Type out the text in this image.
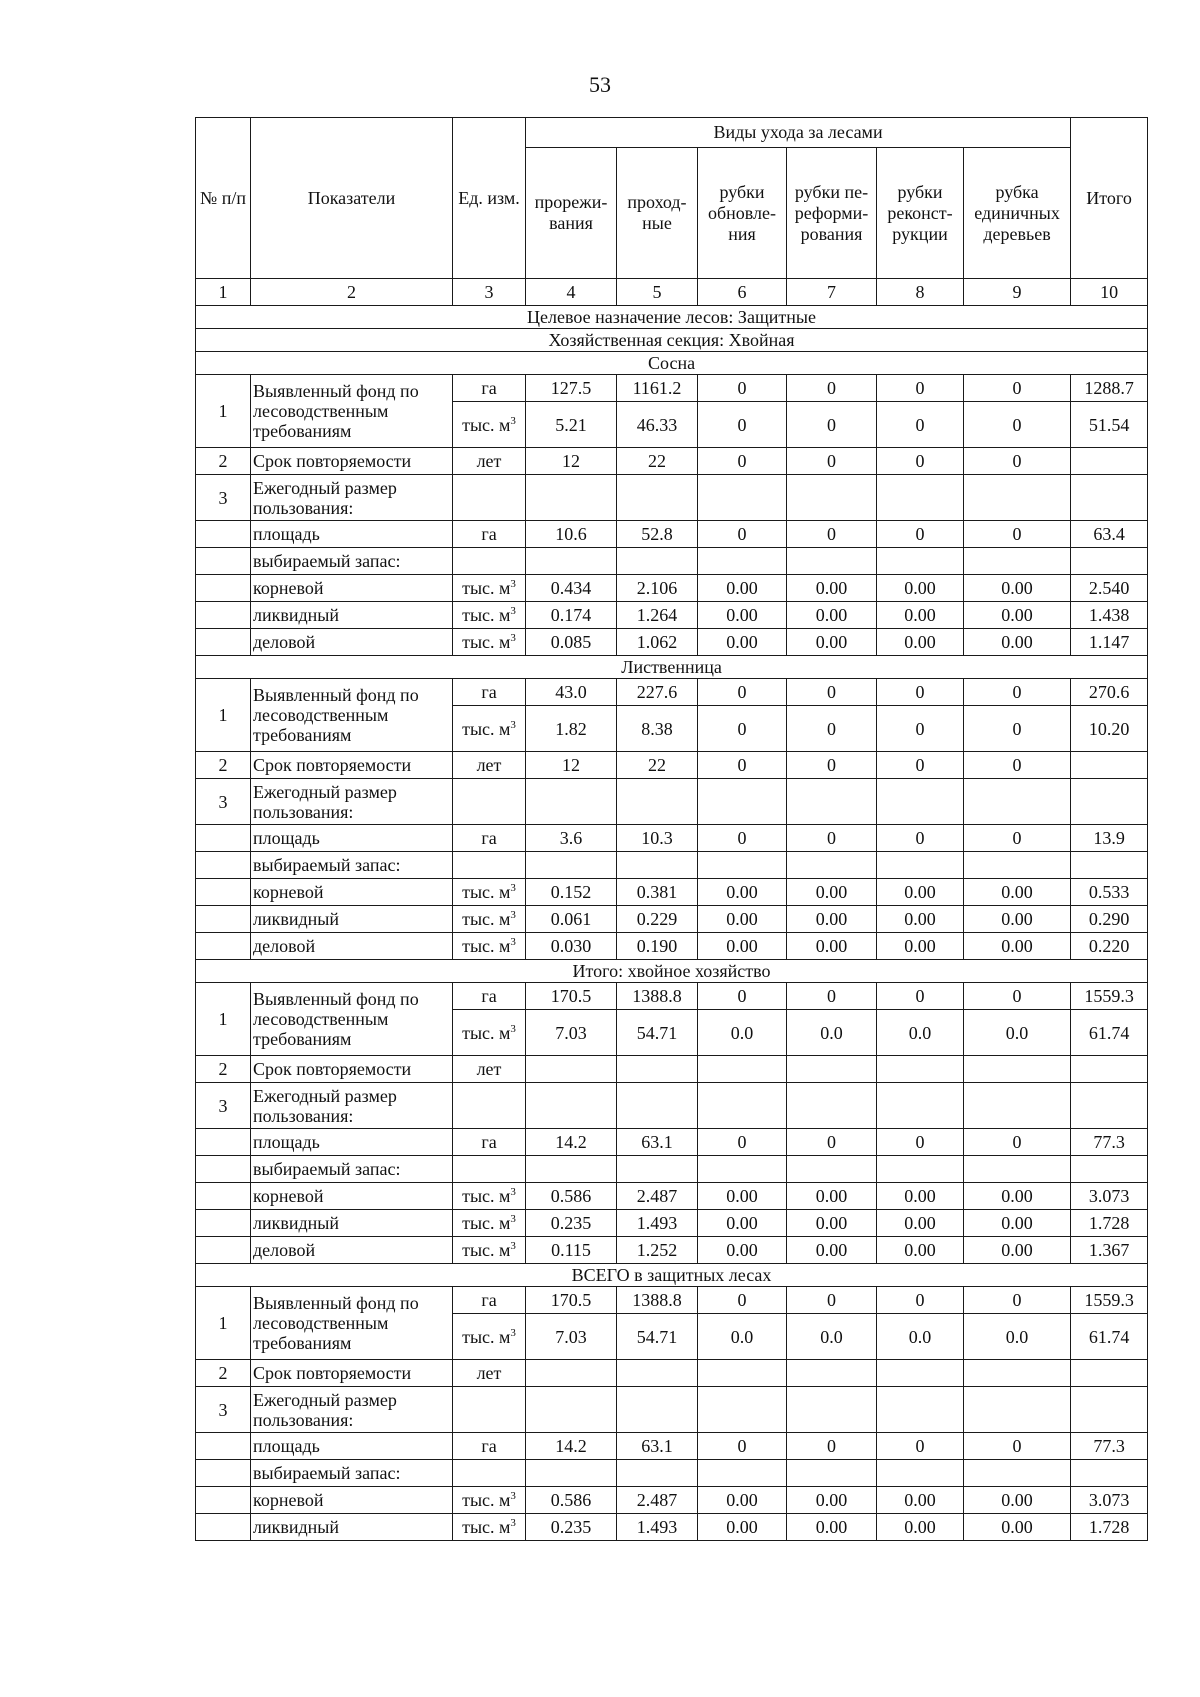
53
№ п/п	Показатели	Ед. изм.	Виды ухода за лесами						Итого
			прорежи-вания	проход-ные	рубки обновле-ния	рубки пе-реформи-рования	рубки реконст-рукции	рубка единичных деревьев	
1	2	3	4	5	6	7	8	9	10
Целевое назначение лесов: Защитные									
Хозяйственная секция: Хвойная									
Сосна									
1	Выявленный фонд по лесоводственным требованиям	га	127.5	1161.2	0	0	0	0	1288.7
		тыс. $м^3$	5.21	46.33	0	0	0	0	51.54
2	Срок повторяемости	лет	12	22	0	0	0	0	
3	Ежегодный размер пользования:								
	площадь	га	10.6	52.8	0	0	0	0	63.4
	выбираемый запас:								
	корневой	тыс. $м^3$	0.434	2.106	0.00	0.00	0.00	0.00	2.540
	ликвидный	тыс. $м^3$	0.174	1.264	0.00	0.00	0.00	0.00	1.438
	деловой	тыс. $м^3$	0.085	1.062	0.00	0.00	0.00	0.00	1.147
Лиственница									
1	Выявленный фонд по лесоводственным требованиям	га	43.0	227.6	0	0	0	0	270.6
		тыс. $м^3$	1.82	8.38	0	0	0	0	10.20
2	Срок повторяемости	лет	12	22	0	0	0	0	
3	Ежегодный размер пользования:								
	площадь	га	3.6	10.3	0	0	0	0	13.9
	выбираемый запас:								
	корневой	тыс. $м^3$	0.152	0.381	0.00	0.00	0.00	0.00	0.533
	ликвидный	тыс. $м^3$	0.061	0.229	0.00	0.00	0.00	0.00	0.290
	деловой	тыс. $м^3$	0.030	0.190	0.00	0.00	0.00	0.00	0.220
Итого: хвойное хозяйство									
1	Выявленный фонд по лесоводственным требованиям	га	170.5	1388.8	0	0	0	0	1559.3
		тыс. $м^3$	7.03	54.71	0.0	0.0	0.0	0.0	61.74
2	Срок повторяемости	лет							
3	Ежегодный размер пользования:								
	площадь	га	14.2	63.1	0	0	0	0	77.3
	выбираемый запас:								
	корневой	тыс. $м^3$	0.586	2.487	0.00	0.00	0.00	0.00	3.073
	ликвидный	тыс. $м^3$	0.235	1.493	0.00	0.00	0.00	0.00	1.728
	деловой	тыс. $м^3$	0.115	1.252	0.00	0.00	0.00	0.00	1.367
ВСЕГО в защитных лесах									
1	Выявленный фонд по лесоводственным требованиям	га	170.5	1388.8	0	0	0	0	1559.3
		тыс. $м^3$	7.03	54.71	0.0	0.0	0.0	0.0	61.74
2	Срок повторяемости	лет							
3	Ежегодный размер пользования:								
	площадь	га	14.2	63.1	0	0	0	0	77.3
	выбираемый запас:								
	корневой	тыс. $м^3$	0.586	2.487	0.00	0.00	0.00	0.00	3.073
	ликвидный	тыс. $м^3$	0.235	1.493	0.00	0.00	0.00	0.00	1.728
